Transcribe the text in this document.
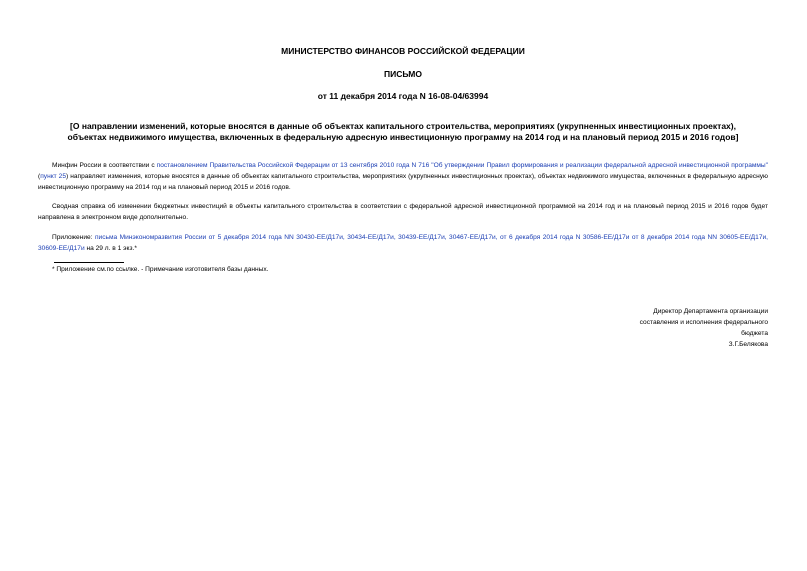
МИНИСТЕРСТВО ФИНАНСОВ РОССИЙСКОЙ ФЕДЕРАЦИИ

ПИСЬМО

от 11 декабря 2014 года N 16-08-04/63994

[О направлении изменений, которые вносятся в данные об объектах капитального строительства, мероприятиях (укрупненных инвестиционных проектах),
объектах недвижимого имущества, включенных в федеральную адресную инвестиционную программу на 2014 год и на плановый период 2015 и 2016 годов]

Минфин России в соответствии с постановлением Правительства Российской Федерации от 13 сентября 2010 года N 716 "Об утверждении Правил формирования и реализации федеральной адресной инвестиционной программы" (пункт 25) направляет изменения, которые вносятся в данные об объектах капитального строительства, мероприятиях (укрупненных инвестиционных проектах), объектах недвижимого имущества, включенных в федеральную адресную инвестиционную программу на 2014 год и на плановый период 2015 и 2016 годов.

Сводная справка об изменении бюджетных инвестиций в объекты капитального строительства в соответствии с федеральной адресной инвестиционной программой на 2014 год и на плановый период 2015 и 2016 годов будет направлена в электронном виде дополнительно.

Приложение: письма Минэкономразвития России от 5 декабря 2014 года NN 30430-ЕЕ/Д17и, 30434-ЕЕ/Д17и, 30439-ЕЕ/Д17и, 30467-ЕЕ/Д17и, от 6 декабря 2014 года N 30586-ЕЕ/Д17и от 8 декабря 2014 года NN 30605-ЕЕ/Д17и, 30609-ЕЕ/Д17и на 29 л. в 1 экз.*

* Приложение см.по ссылке. - Примечание изготовителя базы данных.

Директор Департамента организации
составления и исполнения федерального
бюджета
З.Г.Белякова
